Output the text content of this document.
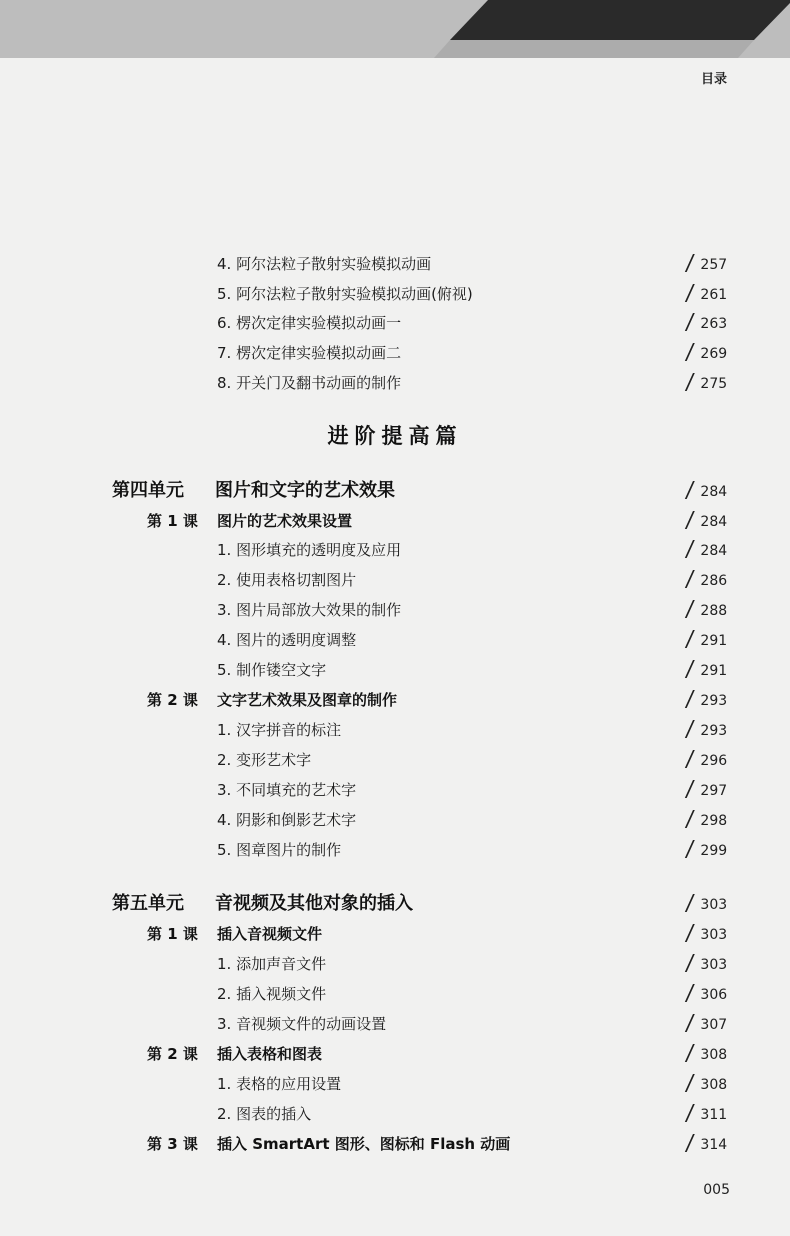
目录
4. 阿尔法粒子散射实验模拟动画	/ 257
5. 阿尔法粒子散射实验模拟动画(俯视)	/ 261
6. 楞次定律实验模拟动画一	/ 263
7. 楞次定律实验模拟动画二	/ 269
8. 开关门及翻书动画的制作	/ 275
进阶提高篇
第四单元 图片和文字的艺术效果	/ 284
第 1 课 图片的艺术效果设置	/ 284
1. 图形填充的透明度及应用	/ 284
2. 使用表格切割图片	/ 286
3. 图片局部放大效果的制作	/ 288
4. 图片的透明度调整	/ 291
5. 制作镂空文字	/ 291
第 2 课 文字艺术效果及图章的制作	/ 293
1. 汉字拼音的标注	/ 293
2. 变形艺术字	/ 296
3. 不同填充的艺术字	/ 297
4. 阴影和倒影艺术字	/ 298
5. 图章图片的制作	/ 299
第五单元 音视频及其他对象的插入	/ 303
第 1 课 插入音视频文件	/ 303
1. 添加声音文件	/ 303
2. 插入视频文件	/ 306
3. 音视频文件的动画设置	/ 307
第 2 课 插入表格和图表	/ 308
1. 表格的应用设置	/ 308
2. 图表的插入	/ 311
第 3 课 插入 SmartArt 图形、图标和 Flash 动画	/ 314
005
